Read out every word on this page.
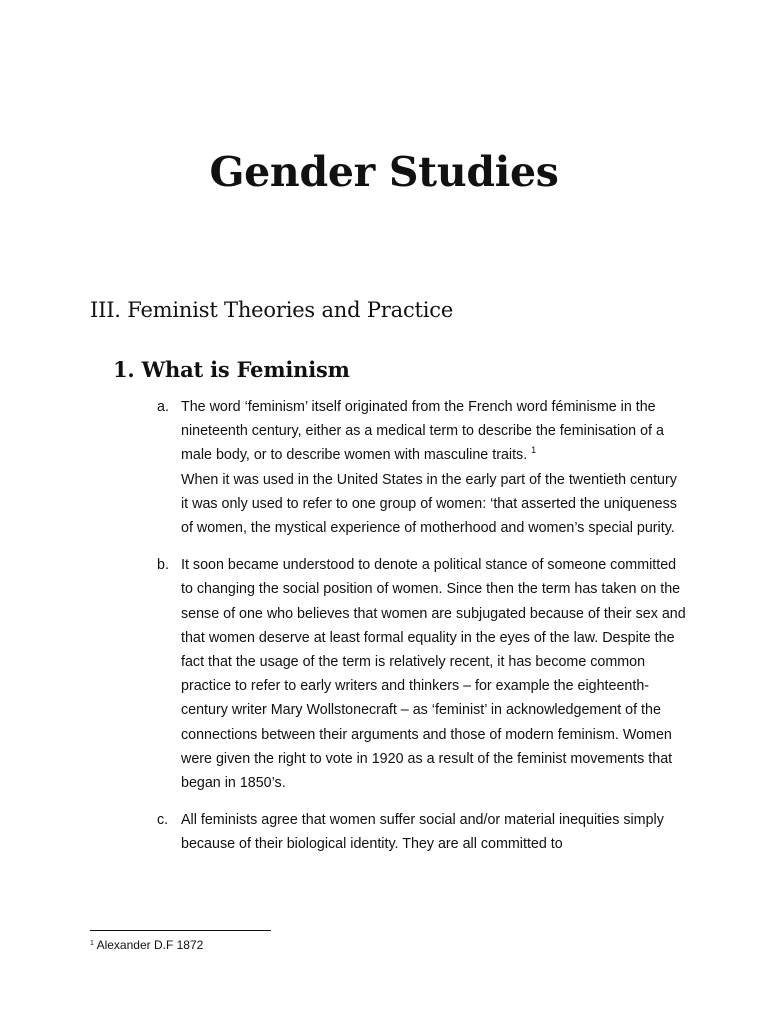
Gender Studies
III. Feminist Theories and Practice
1. What is Feminism
a. The word ‘feminism’ itself originated from the French word féminisme in the nineteenth century, either as a medical term to describe the feminisation of a male body, or to describe women with masculine traits. $^1$
When it was used in the United States in the early part of the twentieth century it was only used to refer to one group of women: ‘that asserted the uniqueness of women, the mystical experience of motherhood and women’s special purity.
b. It soon became understood to denote a political stance of someone committed to changing the social position of women. Since then the term has taken on the sense of one who believes that women are subjugated because of their sex and that women deserve at least formal equality in the eyes of the law. Despite the fact that the usage of the term is relatively recent, it has become common practice to refer to early writers and thinkers – for example the eighteenth-century writer Mary Wollstonecraft – as ‘feminist’ in acknowledgement of the connections between their arguments and those of modern feminism. Women were given the right to vote in 1920 as a result of the feminist movements that began in 1850’s.
c. All feminists agree that women suffer social and/or material inequities simply because of their biological identity. They are all committed to
$^1$ Alexander D.F 1872
